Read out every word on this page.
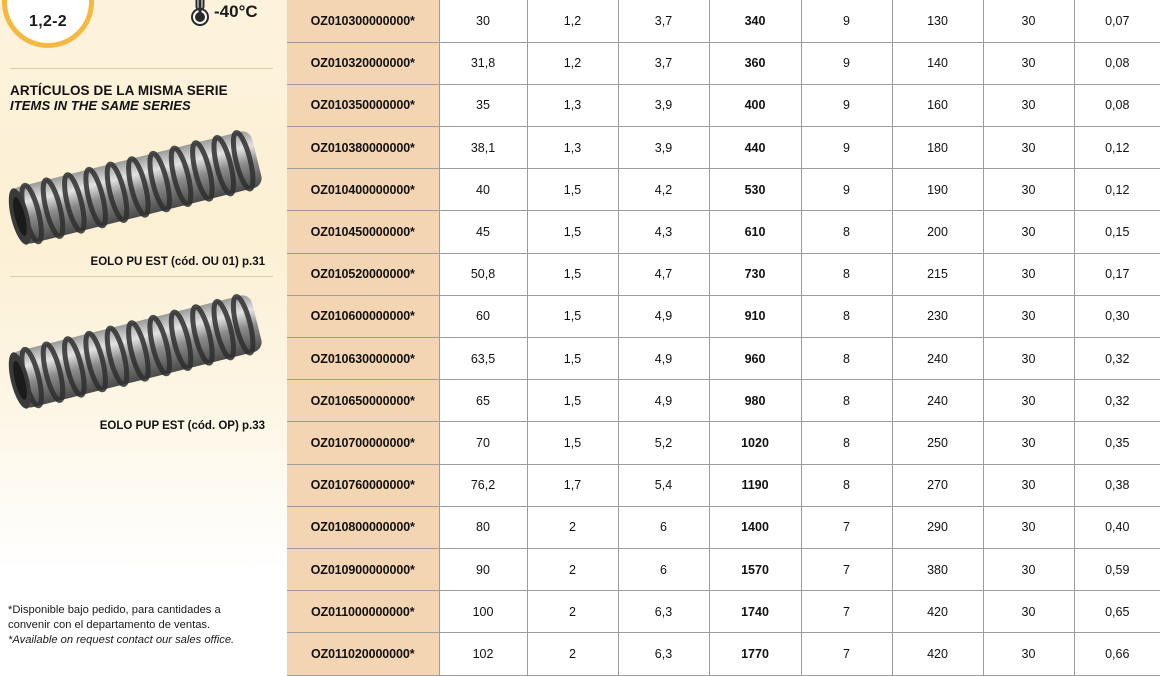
1,2-2
-40°C
ARTÍCULOS DE LA MISMA SERIE
ITEMS IN THE SAME SERIES
EOLO PU EST (cód. OU 01) p.31
EOLO PUP EST (cód. OP) p.33
*Disponible bajo pedido, para cantidades a
convenir con el departamento de ventas.
*Available on request contact our sales office.
OZ010300000000*	30	1,2	3,7	340	9	130	30	0,07
OZ010320000000*	31,8	1,2	3,7	360	9	140	30	0,08
OZ010350000000*	35	1,3	3,9	400	9	160	30	0,08
OZ010380000000*	38,1	1,3	3,9	440	9	180	30	0,12
OZ010400000000*	40	1,5	4,2	530	9	190	30	0,12
OZ010450000000*	45	1,5	4,3	610	8	200	30	0,15
OZ010520000000*	50,8	1,5	4,7	730	8	215	30	0,17
OZ010600000000*	60	1,5	4,9	910	8	230	30	0,30
OZ010630000000*	63,5	1,5	4,9	960	8	240	30	0,32
OZ010650000000*	65	1,5	4,9	980	8	240	30	0,32
OZ010700000000*	70	1,5	5,2	1020	8	250	30	0,35
OZ010760000000*	76,2	1,7	5,4	1190	8	270	30	0,38
OZ010800000000*	80	2	6	1400	7	290	30	0,40
OZ010900000000*	90	2	6	1570	7	380	30	0,59
OZ011000000000*	100	2	6,3	1740	7	420	30	0,65
OZ011020000000*	102	2	6,3	1770	7	420	30	0,66
